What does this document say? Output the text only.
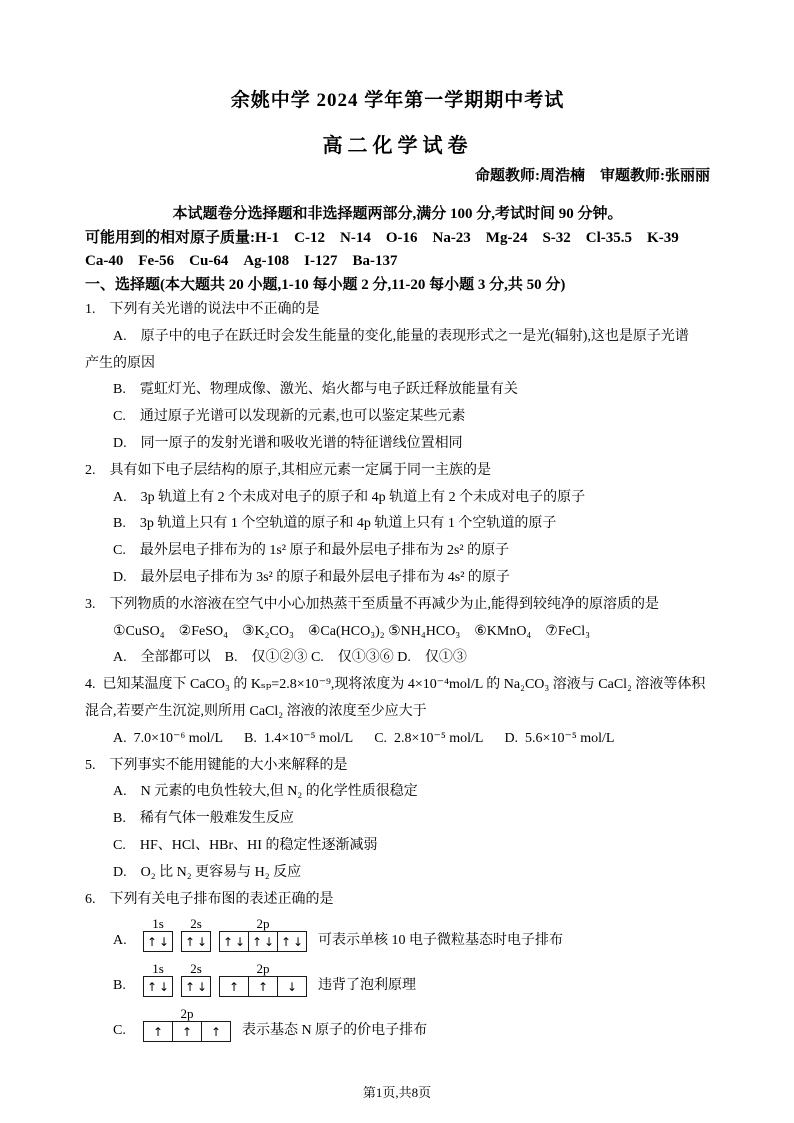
余姚中学 2024 学年第一学期期中考试
高二化学试卷

命题教师:周浩楠  审题教师:张丽丽

本试题卷分选择题和非选择题两部分,满分 100 分,考试时间 90 分钟。

可能用到的相对原子质量:H-1  C-12  N-14  O-16  Na-23  Mg-24  S-32  Cl-35.5  K-39

Ca-40  Fe-56  Cu-64  Ag-108  I-127  Ba-137

一、选择题(本大题共 20 小题,1-10 每小题 2 分,11-20 每小题 3 分,共 50 分)

1. 下列有关光谱的说法中不正确的是

A. 原子中的电子在跃迁时会发生能量的变化,能量的表现形式之一是光(辐射),这也是原子光谱

产生的原因

B. 霓虹灯光、物理成像、激光、焰火都与电子跃迁释放能量有关

C. 通过原子光谱可以发现新的元素,也可以鉴定某些元素

D. 同一原子的发射光谱和吸收光谱的特征谱线位置相同

2. 具有如下电子层结构的原子,其相应元素一定属于同一主族的是

A. 3p 轨道上有 2 个未成对电子的原子和 4p 轨道上有 2 个未成对电子的原子

B. 3p 轨道上只有 1 个空轨道的原子和 4p 轨道上只有 1 个空轨道的原子

C. 最外层电子排布为的 1s² 原子和最外层电子排布为 2s² 的原子

D. 最外层电子排布为 3s² 的原子和最外层电子排布为 4s² 的原子

3. 下列物质的水溶液在空气中小心加热蒸干至质量不再减少为止,能得到较纯净的原溶质的是

①CuSO₄  ②FeSO₄  ③K₂CO₃  ④Ca(HCO₃)₂ ⑤NH₄HCO₃  ⑥KMnO₄  ⑦FeCl₃

A. 全部都可以  B. 仅①②③ C. 仅①③⑥ D. 仅①③

4. 已知某温度下 CaCO₃ 的 Kₛₚ=2.8×10⁻⁹,现将浓度为 4×10⁻⁴mol/L 的 Na₂CO₃ 溶液与 CaCl₂ 溶液等体积

混合,若要产生沉淀,则所用 CaCl₂ 溶液的浓度至少应大于

A. 7.0×10⁻⁶ mol/L  B. 1.4×10⁻⁵ mol/L  C. 2.8×10⁻⁵ mol/L  D. 5.6×10⁻⁵ mol/L

5. 下列事实不能用键能的大小来解释的是

A. N 元素的电负性较大,但 N₂ 的化学性质很稳定

B. 稀有气体一般难发生反应

C. HF、HCl、HBr、HI 的稳定性逐渐减弱

D. O₂ 比 N₂ 更容易与 H₂ 反应

6. 下列有关电子排布图的表述正确的是

A.
1s
↑↓
2s
↑↓
2p
↑↓ ↑↓ ↑↓ 可表示单核 10 电子微粒基态时电子排布
B.
1s
↑↓
2s
↑↓
2p
↑	↑	↓	违背了泡利原理
C.
2p
↑	↑	↑	表示基态 N 原子的价电子排布

第1页,共8页
